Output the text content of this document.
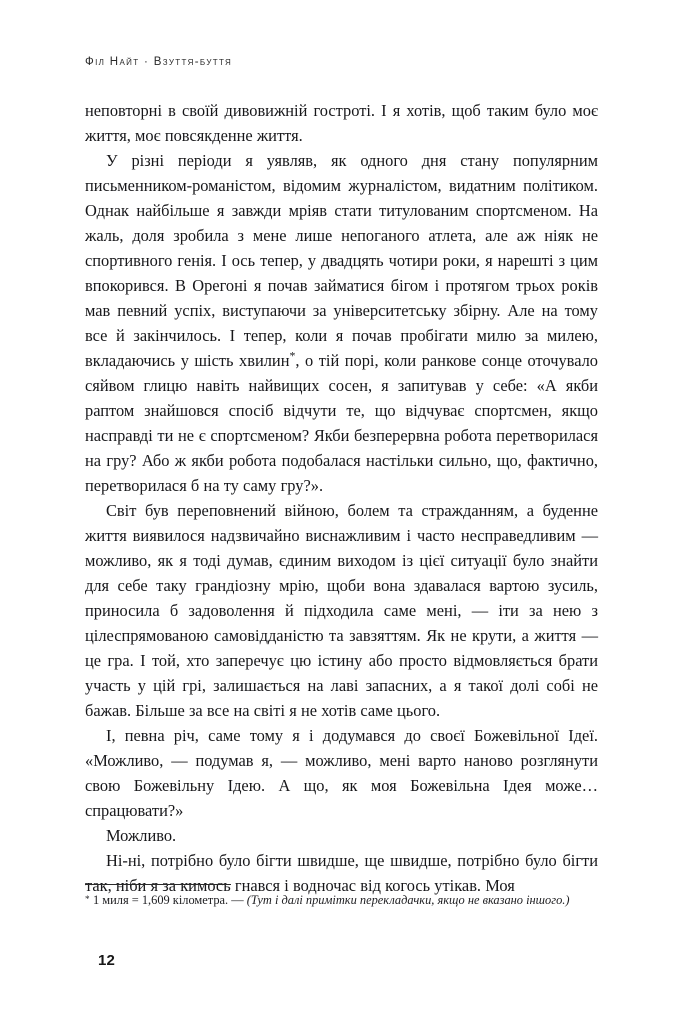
Філ Найт · Взуття-буття

неповторні в своїй дивовижній гостроті. І я хотів, щоб таким було моє життя, моє повсякденне життя.

У різні періоди я уявляв, як одного дня стану популярним письменником-романістом, відомим журналістом, видатним політиком. Однак найбільше я завжди мріяв стати титулованим спортсменом. На жаль, доля зробила з мене лише непоганого атлета, але аж ніяк не спортивного генія. І ось тепер, у двадцять чотири роки, я нарешті з цим впокорився. В Орегоні я почав займатися бігом і протягом трьох років мав певний успіх, виступаючи за університетську збірну. Але на тому все й закінчилось. І тепер, коли я почав пробігати милю за милею, вкладаючись у шість хвилин*, о тій порі, коли ранкове сонце оточувало сяйвом глицю навіть найвищих сосен, я запитував у себе: «А якби раптом знайшовся спосіб відчути те, що відчуває спортсмен, якщо насправді ти не є спортсменом? Якби безперервна робота перетворилася на гру? Або ж якби робота подобалася настільки сильно, що, фактично, перетворилася б на ту саму гру?».

Світ був переповнений війною, болем та стражданням, а буденне життя виявилося надзвичайно виснажливим і часто несправедливим — можливо, як я тоді думав, єдиним виходом із цієї ситуації було знайти для себе таку грандіозну мрію, щоби вона здавалася вартою зусиль, приносила б задоволення й підходила саме мені, — іти за нею з цілеспрямованою самовідданістю та завзяттям. Як не крути, а життя — це гра. І той, хто заперечує цю істину або просто відмовляється брати участь у цій грі, залишається на лаві запасних, а я такої долі собі не бажав. Більше за все на світі я не хотів саме цього.

І, певна річ, саме тому я і додумався до своєї Божевільної Ідеї. «Можливо, — подумав я, — можливо, мені варто наново розглянути свою Божевільну Ідею. А що, як моя Божевільна Ідея може… спрацювати?»

Можливо.

Ні-ні, потрібно було бігти швидше, ще швидше, потрібно було бігти так, ніби я за кимось гнався і водночас від когось утікав. Моя

* 1 миля = 1,609 кілометра. — (Тут і далі примітки перекладачки, якщо не вказано іншого.)

12
